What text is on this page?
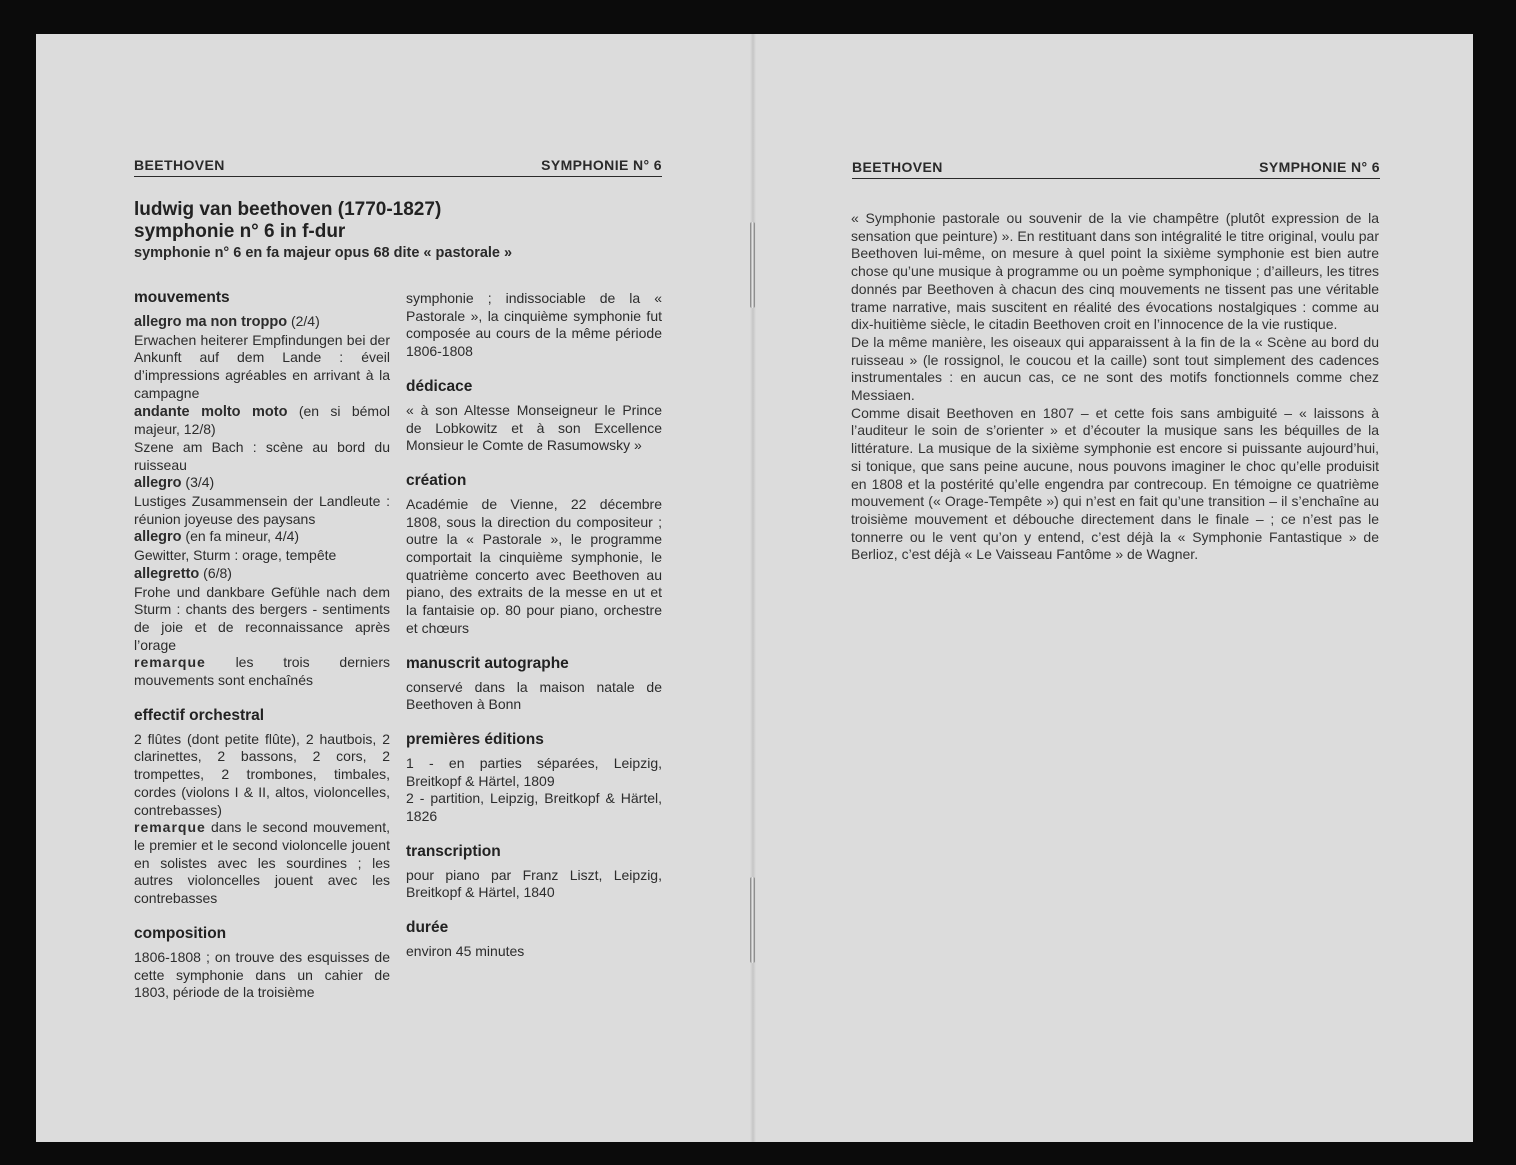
BEETHOVEN	SYMPHONIE N° 6
ludwig van beethoven (1770-1827)
symphonie n° 6 in f-dur
symphonie n° 6 en fa majeur opus 68 dite « pastorale »
mouvements

allegro ma non troppo (2/4)

Erwachen heiterer Empfindungen bei der Ankunft auf dem Lande : éveil d’impressions agréables en arrivant à la campagne

andante molto moto (en si bémol majeur, 12/8)

Szene am Bach : scène au bord du ruisseau

allegro (3/4)

Lustiges Zusammensein der Landleute : réunion joyeuse des paysans

allegro (en fa mineur, 4/4)

Gewitter, Sturm : orage, tempête

allegretto (6/8)

Frohe und dankbare Gefühle nach dem Sturm : chants des bergers - sentiments de joie et de reconnaissance après l’orage

remarque les trois derniers mouvements sont enchaînés

effectif orchestral

2 flûtes (dont petite flûte), 2 hautbois, 2 clarinettes, 2 bassons, 2 cors, 2 trompettes, 2 trombones, timbales, cordes (violons I & II, altos, violoncelles, contrebasses)

remarque dans le second mouvement, le premier et le second violoncelle jouent en solistes avec les sourdines ; les autres violoncelles jouent avec les contrebasses

composition

1806-1808 ; on trouve des esquisses de cette symphonie dans un cahier de 1803, période de la troisième

symphonie ; indissociable de la « Pastorale », la cinquième symphonie fut composée au cours de la même période 1806-1808

dédicace

« à son Altesse Monseigneur le Prince de Lobkowitz et à son Excellence Monsieur le Comte de Rasumowsky »

création

Académie de Vienne, 22 décembre 1808, sous la direction du compositeur ; outre la « Pastorale », le programme comportait la cinquième symphonie, le quatrième concerto avec Beethoven au piano, des extraits de la messe en ut et la fantaisie op. 80 pour piano, orchestre et chœurs

manuscrit autographe

conservé dans la maison natale de Beethoven à Bonn

premières éditions

1 - en parties séparées, Leipzig, Breitkopf & Härtel, 1809

2 - partition, Leipzig, Breitkopf & Härtel, 1826

transcription

pour piano par Franz Liszt, Leipzig, Breitkopf & Härtel, 1840

durée

environ 45 minutes

BEETHOVEN	SYMPHONIE N° 6

« Symphonie pastorale ou souvenir de la vie champêtre (plutôt expression de la sensation que peinture) ». En restituant dans son intégralité le titre original, voulu par Beethoven lui-même, on mesure à quel point la sixième symphonie est bien autre chose qu’une musique à programme ou un poème symphonique ; d’ailleurs, les titres donnés par Beethoven à chacun des cinq mouvements ne tissent pas une véritable trame narrative, mais suscitent en réalité des évocations nostalgiques : comme au dix-huitième siècle, le citadin Beethoven croit en l’innocence de la vie rustique.

De la même manière, les oiseaux qui apparaissent à la fin de la « Scène au bord du ruisseau » (le rossignol, le coucou et la caille) sont tout simplement des cadences instrumentales : en aucun cas, ce ne sont des motifs fonctionnels comme chez Messiaen.

Comme disait Beethoven en 1807 – et cette fois sans ambiguité – « laissons à l’auditeur le soin de s’orienter » et d’écouter la musique sans les béquilles de la littérature. La musique de la sixième symphonie est encore si puissante aujourd’hui, si tonique, que sans peine aucune, nous pouvons imaginer le choc qu’elle produisit en 1808 et la postérité qu’elle engendra par contrecoup. En témoigne ce quatrième mouvement (« Orage-Tempête ») qui n’est en fait qu’une transition – il s’enchaîne au troisième mouvement et débouche directement dans le finale – ; ce n’est pas le tonnerre ou le vent qu’on y entend, c’est déjà la « Symphonie Fantastique » de Berlioz, c’est déjà « Le Vaisseau Fantôme » de Wagner.
